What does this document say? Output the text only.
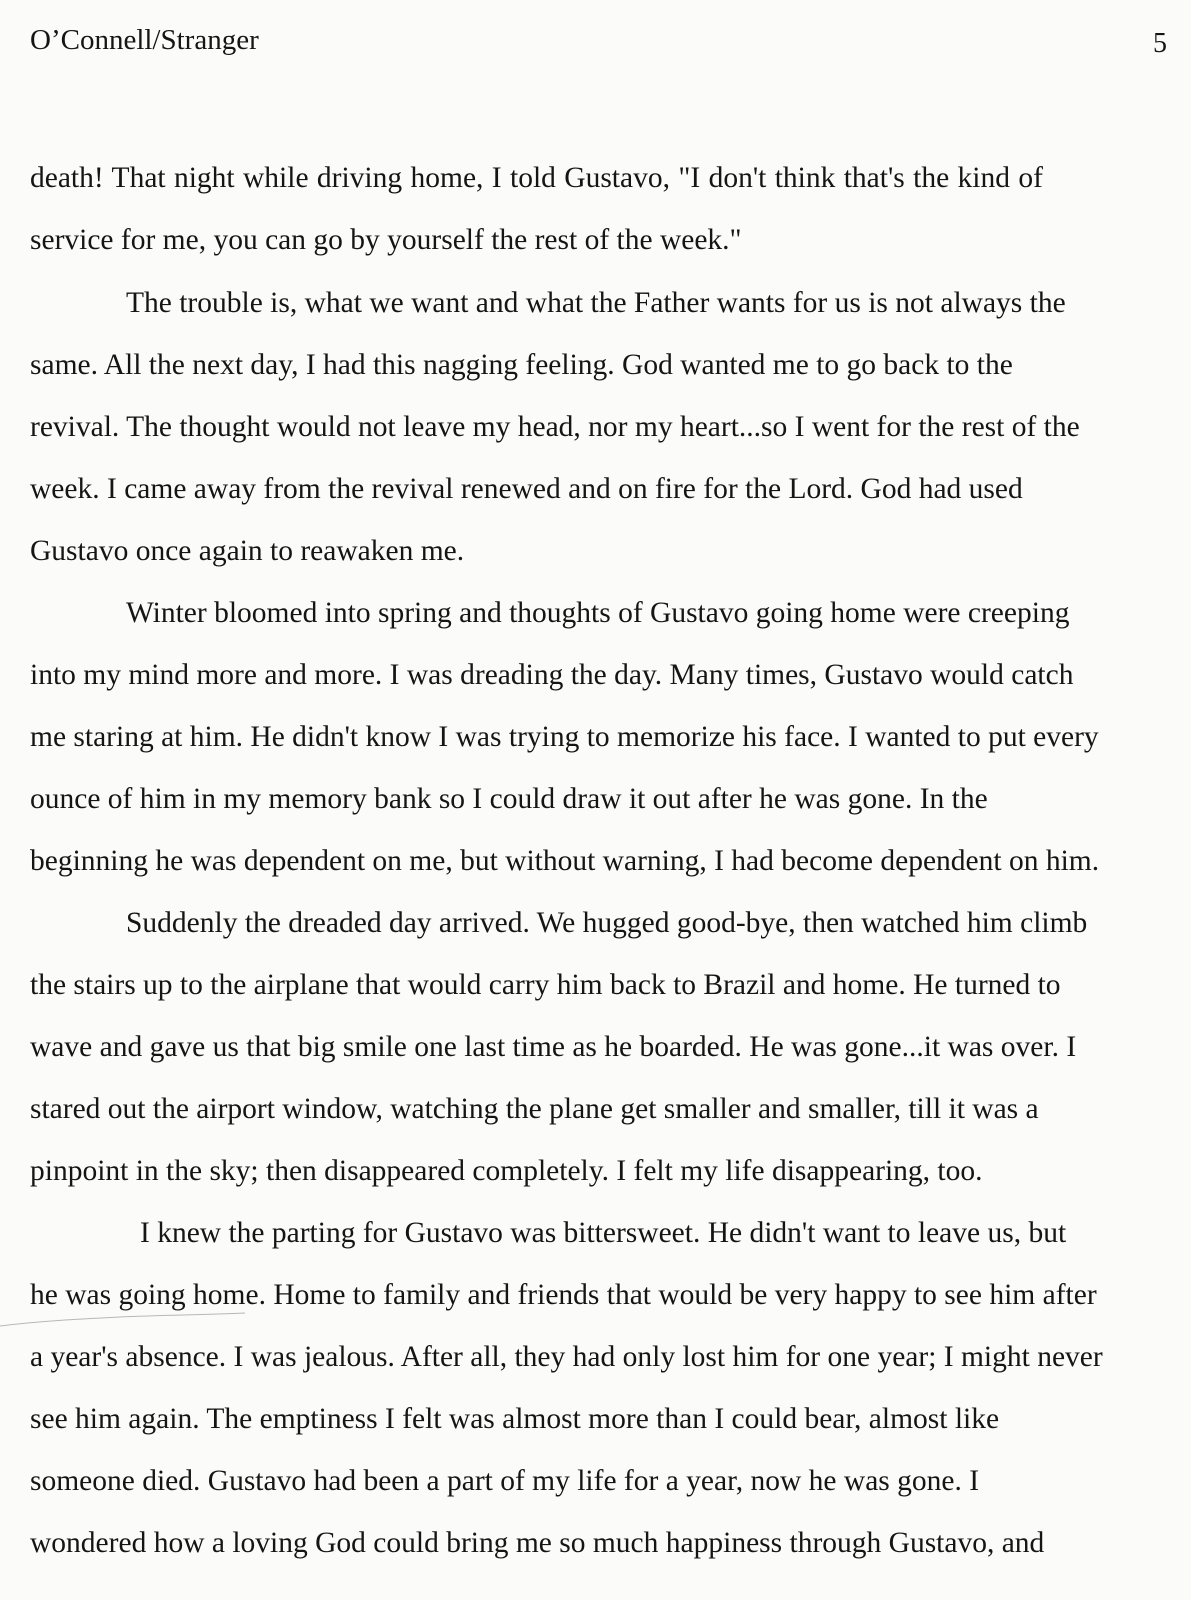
O’Connell/Stranger	5
death! That night while driving home, I told Gustavo, "I don't think that's the kind of
service for me, you can go by yourself the rest of the week."
The trouble is, what we want and what the Father wants for us is not always the
same. All the next day, I had this nagging feeling. God wanted me to go back to the
revival. The thought would not leave my head, nor my heart...so I went for the rest of the
week. I came away from the revival renewed and on fire for the Lord. God had used
Gustavo once again to reawaken me.
Winter bloomed into spring and thoughts of Gustavo going home were creeping
into my mind more and more. I was dreading the day. Many times, Gustavo would catch
me staring at him. He didn't know I was trying to memorize his face. I wanted to put every
ounce of him in my memory bank so I could draw it out after he was gone. In the
beginning he was dependent on me, but without warning, I had become dependent on him.
Suddenly the dreaded day arrived. We hugged good-bye, then watched him climb
the stairs up to the airplane that would carry him back to Brazil and home. He turned to
wave and gave us that big smile one last time as he boarded. He was gone...it was over. I
stared out the airport window, watching the plane get smaller and smaller, till it was a
pinpoint in the sky; then disappeared completely. I felt my life disappearing, too.
I knew the parting for Gustavo was bittersweet. He didn't want to leave us, but
he was going home. Home to family and friends that would be very happy to see him after
a year's absence. I was jealous. After all, they had only lost him for one year; I might never
see him again. The emptiness I felt was almost more than I could bear, almost like
someone died. Gustavo had been a part of my life for a year, now he was gone. I
wondered how a loving God could bring me so much happiness through Gustavo, and
